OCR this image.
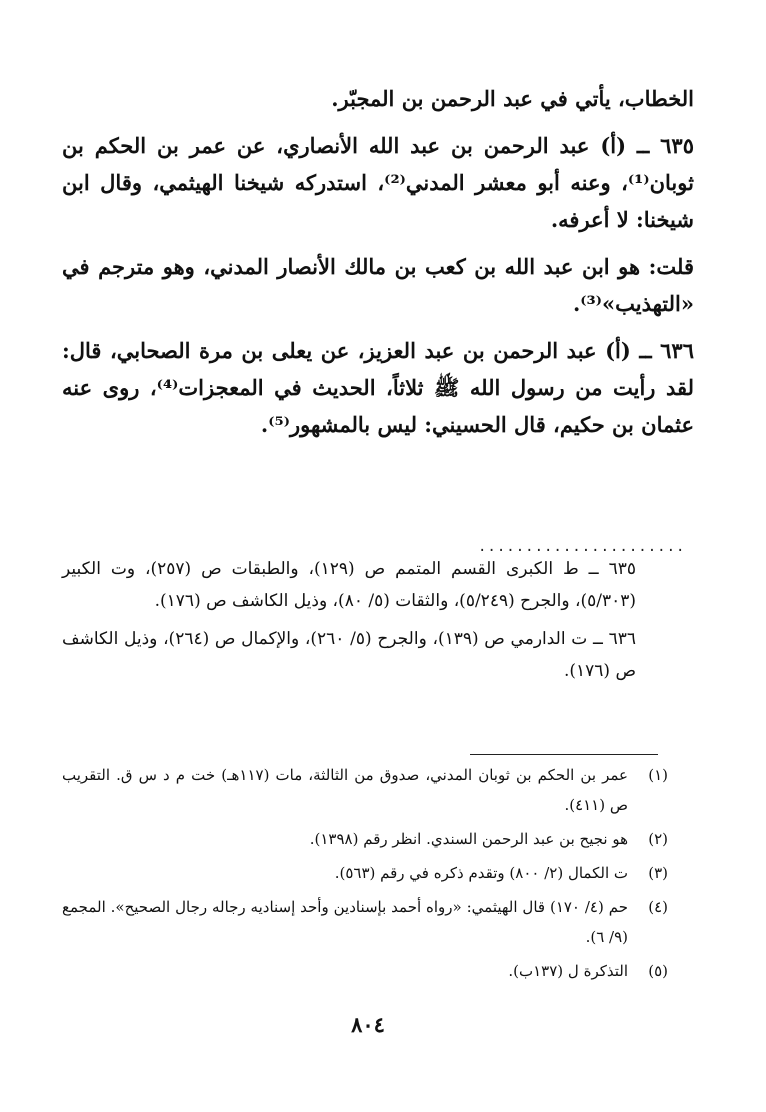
الخطاب، يأتي في عبد الرحمن بن المجبّر.

٦٣٥ ــ (أ) عبد الرحمن بن عبد الله الأنصاري، عن عمر بن الحكم بن ثوبان⁽¹⁾، وعنه أبو معشر المدني⁽²⁾، استدركه شيخنا الهيثمي، وقال ابن شيخنا: لا أعرفه.

قلت: هو ابن عبد الله بن كعب بن مالك الأنصار المدني، وهو مترجم في «التهذيب»⁽³⁾.

٦٣٦ ــ (أ) عبد الرحمن بن عبد العزيز، عن يعلى بن مرة الصحابي، قال: لقد رأيت من رسول الله ﷺ ثلاثاً، الحديث في المعجزات⁽⁴⁾، روى عنه عثمان بن حكيم، قال الحسيني: ليس بالمشهور⁽⁵⁾.

......................

٦٣٥ ــ ط الكبرى القسم المتمم ص (١٢٩)، والطبقات ص (٢٥٧)، وت الكبير (٥/٣٠٣)، والجرح (٥/٢٤٩)، والثقات (٥/ ٨٠)، وذيل الكاشف ص (١٧٦).

٦٣٦ ــ ت الدارمي ص (١٣٩)، والجرح (٥/ ٢٦٠)، والإكمال ص (٢٦٤)، وذيل الكاشف ص (١٧٦).

(١)
عمر بن الحكم بن ثوبان المدني، صدوق من الثالثة، مات (١١٧هـ) خت م د س ق. التقريب ص (٤١١).
(٢)
هو نجيح بن عبد الرحمن السندي. انظر رقم (١٣٩٨).
(٣)
ت الكمال (٢/ ٨٠٠) وتقدم ذكره في رقم (٥٦٣).
(٤)
حم (٤/ ١٧٠) قال الهيثمي: «رواه أحمد بإسنادين وأحد إسناديه رجاله رجال الصحيح». المجمع (٩/ ٦).
(٥)
التذكرة ل (١٣٧ب).
٨٠٤
